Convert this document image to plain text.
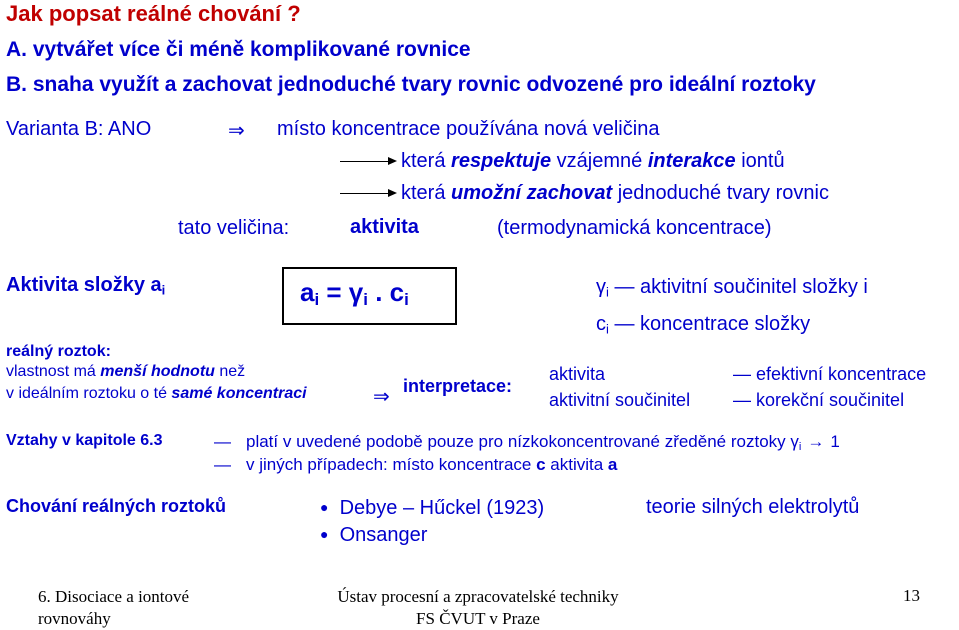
Jak popsat reálné chování ?
A. vytvářet více či méně komplikované rovnice
B. snaha využít a zachovat jednoduché tvary rovnic odvozené pro ideální roztoky
Varianta B: ANO	⇒ místo koncentrace používána nová veličina
která respektuje vzájemné interakce iontů
která umožní zachovat jednoduché tvary rovnic
tato veličina:	aktivita	(termodynamická koncentrace)
Aktivita složky $a_i$	$a_i = \gamma_i$ . $c_i$
$\gamma_i$ — aktivitní součinitel složky i
$c_i$ — koncentrace složky
reálný roztok:
vlastnost má menší hodnotu než
v ideálním roztoku o té samé koncentraci	⇒ interpretace:
aktivita	— efektivní koncentrace
aktivitní součinitel — korekční součinitel
Vztahy v kapitole 6.3	— platí v uvedené podobě pouze pro nízkokoncentrované zředěné roztoky $\gamma_i \to 1$
— v jiných případech: místo koncentrace c aktivita a
Chování reálných roztoků	● Debye – Hűckel (1923)
● Onsanger
teorie silných elektrolytů
6. Disociace a iontové
rovnováhy
Ústav procesní a zpracovatelské techniky
FS ČVUT v Praze
13
